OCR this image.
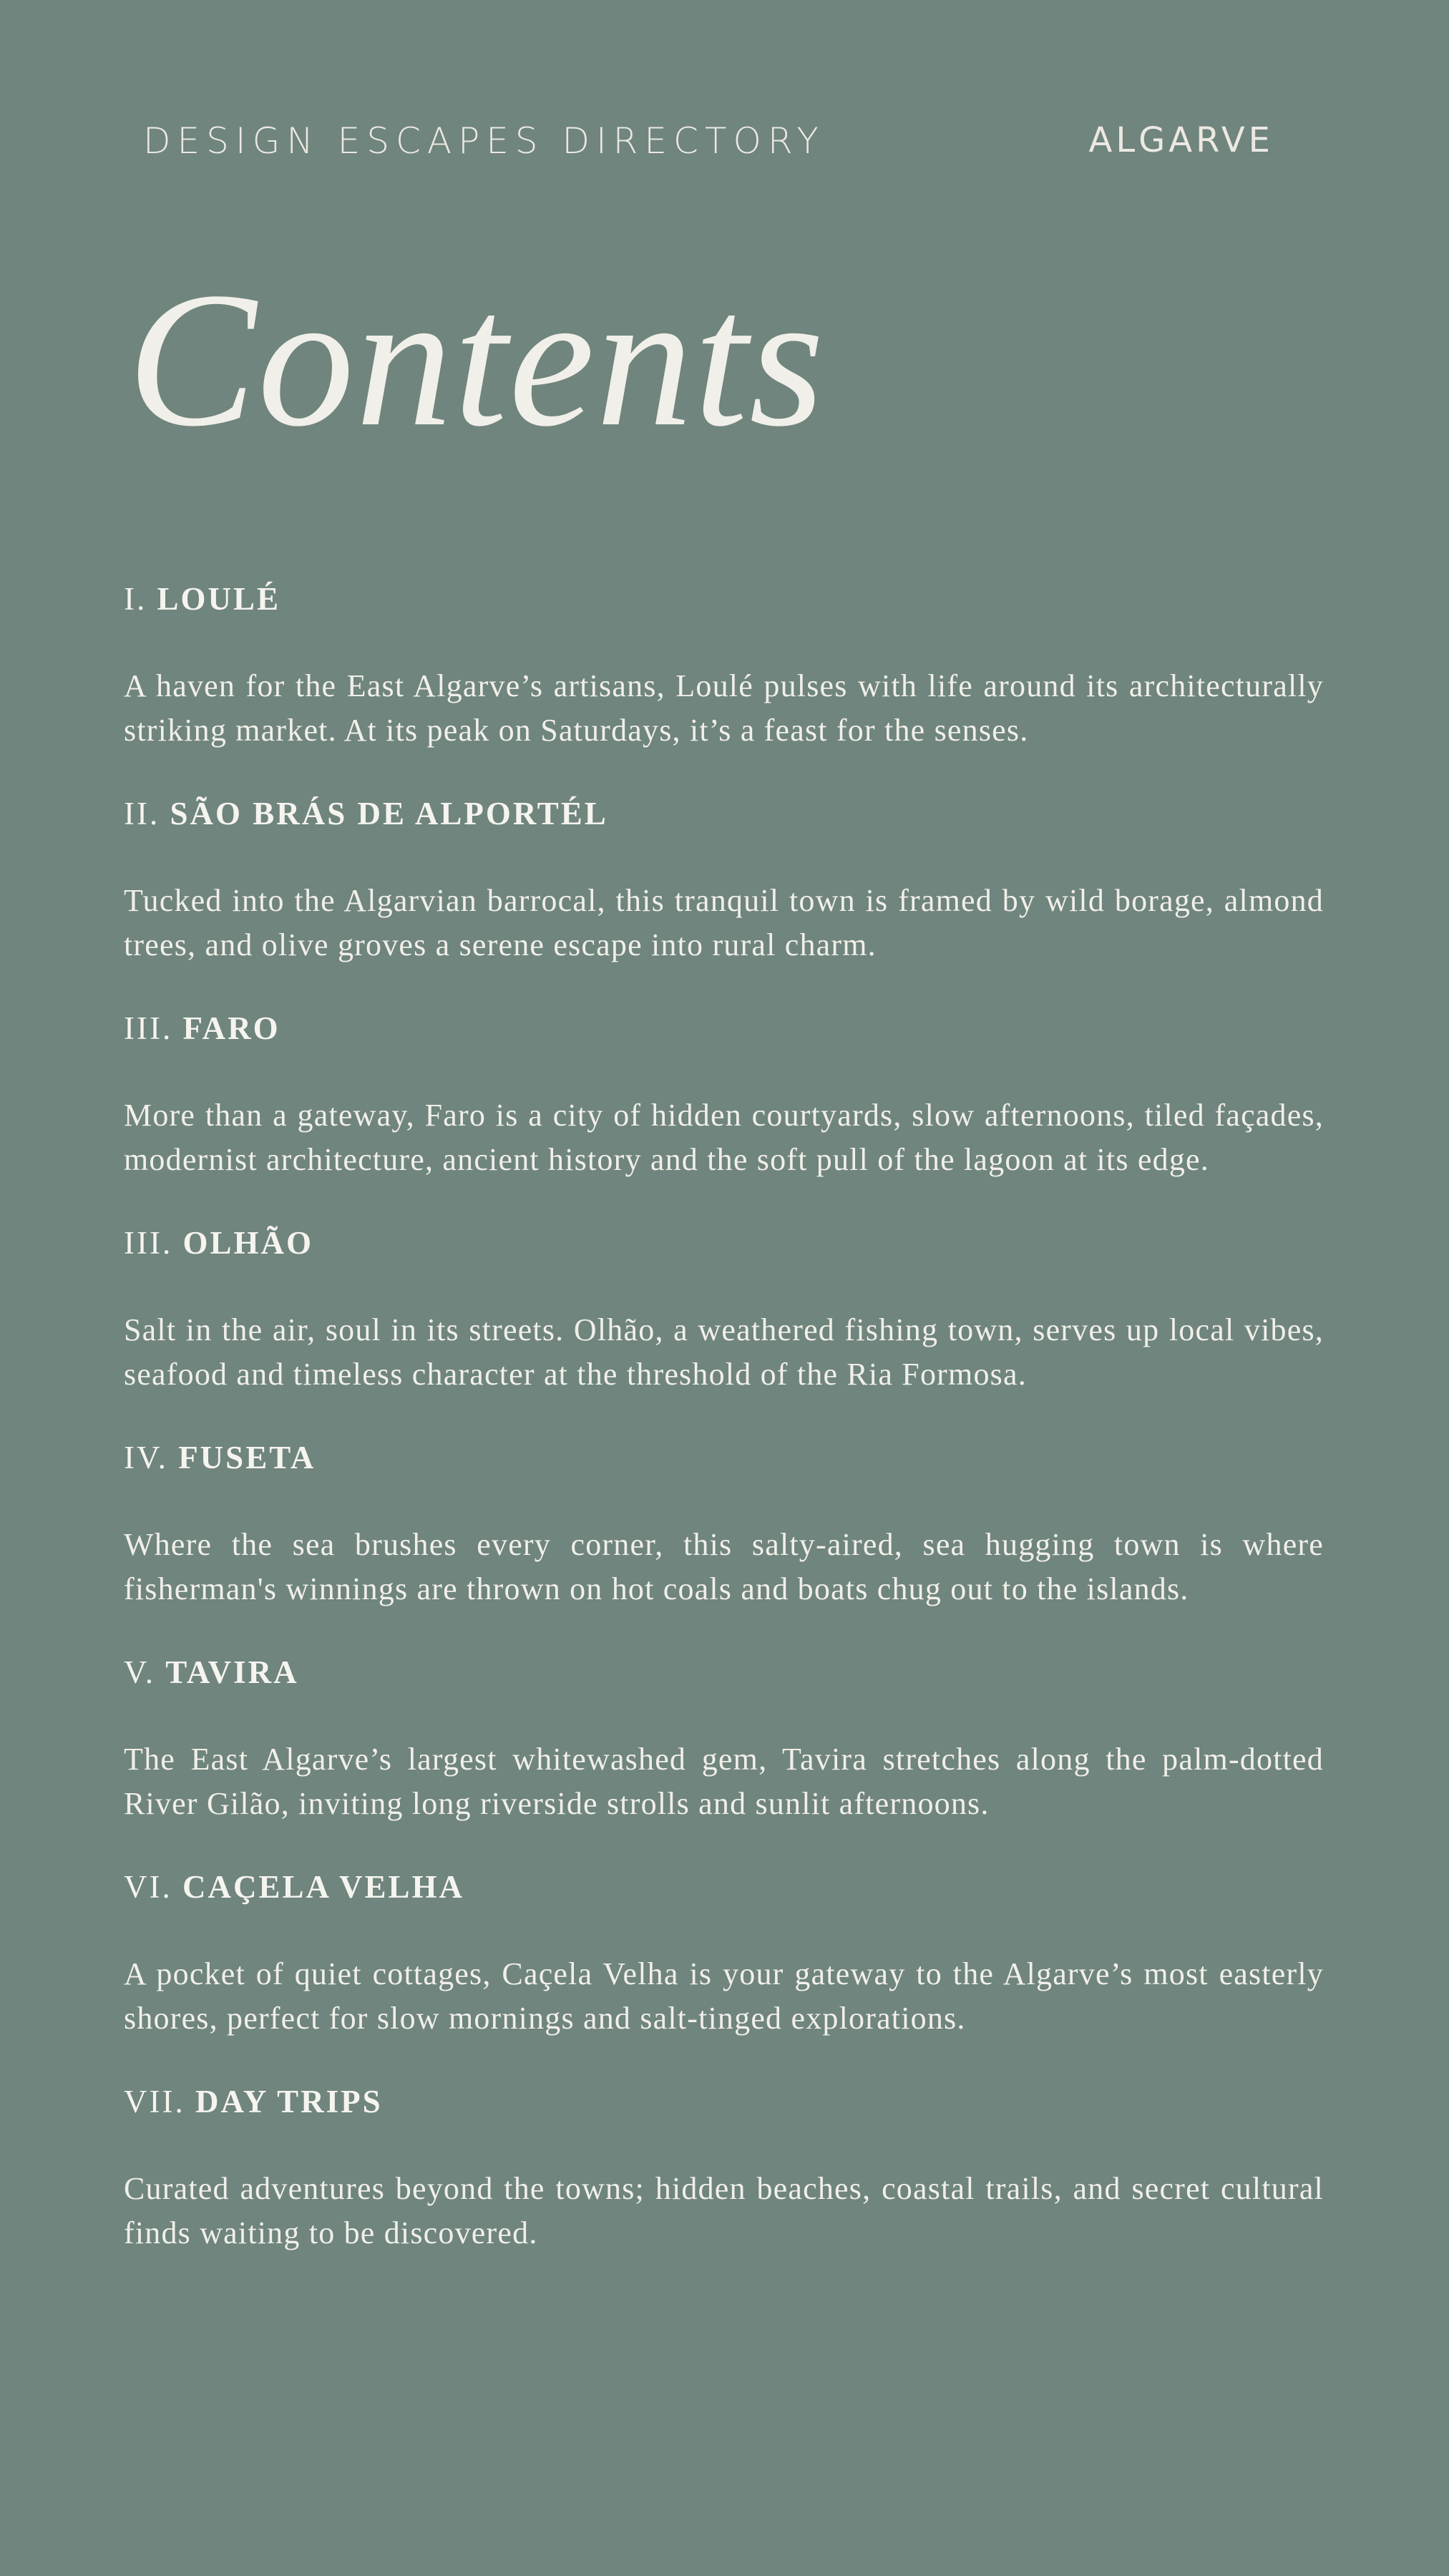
DESIGN ESCAPES DIRECTORY	ALGARVE
Contents
I. LOULÉ

A haven for the East Algarve’s artisans, Loulé pulses with life around its architecturally striking market. At its peak on Saturdays, it’s a feast for the senses.

II. SÃO BRÁS DE ALPORTÉL

Tucked into the Algarvian barrocal, this tranquil town is framed by wild borage, almond trees, and olive groves a serene escape into rural charm.

III. FARO

More than a gateway, Faro is a city of hidden courtyards, slow afternoons, tiled façades, modernist architecture, ancient history and the soft pull of the lagoon at its edge.

III. OLHÃO

Salt in the air, soul in its streets. Olhão, a weathered fishing town, serves up local vibes, seafood and timeless character at the threshold of the Ria Formosa.

IV. FUSETA

Where the sea brushes every corner, this salty-aired, sea hugging town is where fisherman's winnings are thrown on hot coals and boats chug out to the islands.

V. TAVIRA

The East Algarve’s largest whitewashed gem, Tavira stretches along the palm-dotted River Gilão, inviting long riverside strolls and sunlit afternoons.

VI. CAÇELA VELHA

A pocket of quiet cottages, Caçela Velha is your gateway to the Algarve’s most easterly shores, perfect for slow mornings and salt-tinged explorations.

VII. DAY TRIPS

Curated adventures beyond the towns; hidden beaches, coastal trails, and secret cultural finds waiting to be discovered.
